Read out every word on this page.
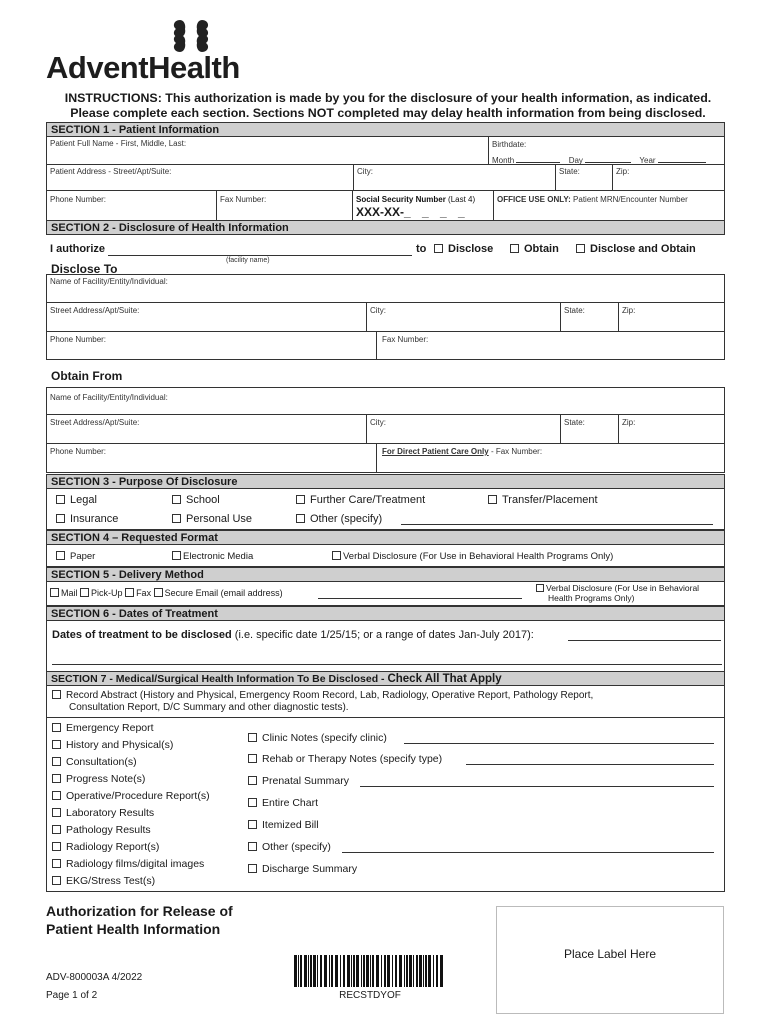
AdventHealth
INSTRUCTIONS: This authorization is made by you for the disclosure of your health information, as indicated.
Please complete each section. Sections NOT completed may delay health information from being disclosed.
SECTION 1 - Patient Information
Patient Full Name - First, Middle, Last:	Birthdate:
Month	Day	Year
Patient Address - Street/Apt/Suite:	City:	State:	Zip:
Phone Number:	Fax Number:	Social Security Number (Last 4)
XXX-XX-_ _ _ _
OFFICE USE ONLY: Patient MRN/Encounter Number
SECTION 2 - Disclosure of Health Information
I authorize
(facility name)
to	Disclose	Obtain	Disclose and Obtain
Disclose To
Name of Facility/Entity/Individual:
Street Address/Apt/Suite:	City:	State:	Zip:
Phone Number:	Fax Number:
Obtain From
Name of Facility/Entity/Individual:
Street Address/Apt/Suite:	City:	State:	Zip:
Phone Number:	For Direct Patient Care Only - Fax Number:
SECTION 3 - Purpose Of Disclosure
Legal	School	Further Care/Treatment	Transfer/Placement
Insurance	Personal Use	Other (specify)
SECTION 4 – Requested Format
Paper	Electronic Media	Verbal Disclosure (For Use in Behavioral Health Programs Only)
SECTION 5 - Delivery Method
Mail Pick-Up Fax Secure Email (email address)	Verbal Disclosure (For Use in Behavioral
Health Programs Only)
SECTION 6 - Dates of Treatment
Dates of treatment to be disclosed (i.e. specific date 1/25/15; or a range of dates Jan-July 2017):
SECTION 7 - Medical/Surgical Health Information To Be Disclosed - Check All That Apply
Record Abstract (History and Physical, Emergency Room Record, Lab, Radiology, Operative Report, Pathology Report,
Consultation Report, D/C Summary and other diagnostic tests).
Emergency Report
History and Physical(s)
Consultation(s)
Progress Note(s)
Operative/Procedure Report(s)
Laboratory Results
Pathology Results
Radiology Report(s)
Radiology films/digital images
EKG/Stress Test(s)
Clinic Notes (specify clinic)
Rehab or Therapy Notes (specify type)
Prenatal Summary
Entire Chart
Itemized Bill
Other (specify)
Discharge Summary
Authorization for Release of
Patient Health Information
Place Label Here
ADV-800003A 4/2022
Page 1 of 2	RECSTDYOF
